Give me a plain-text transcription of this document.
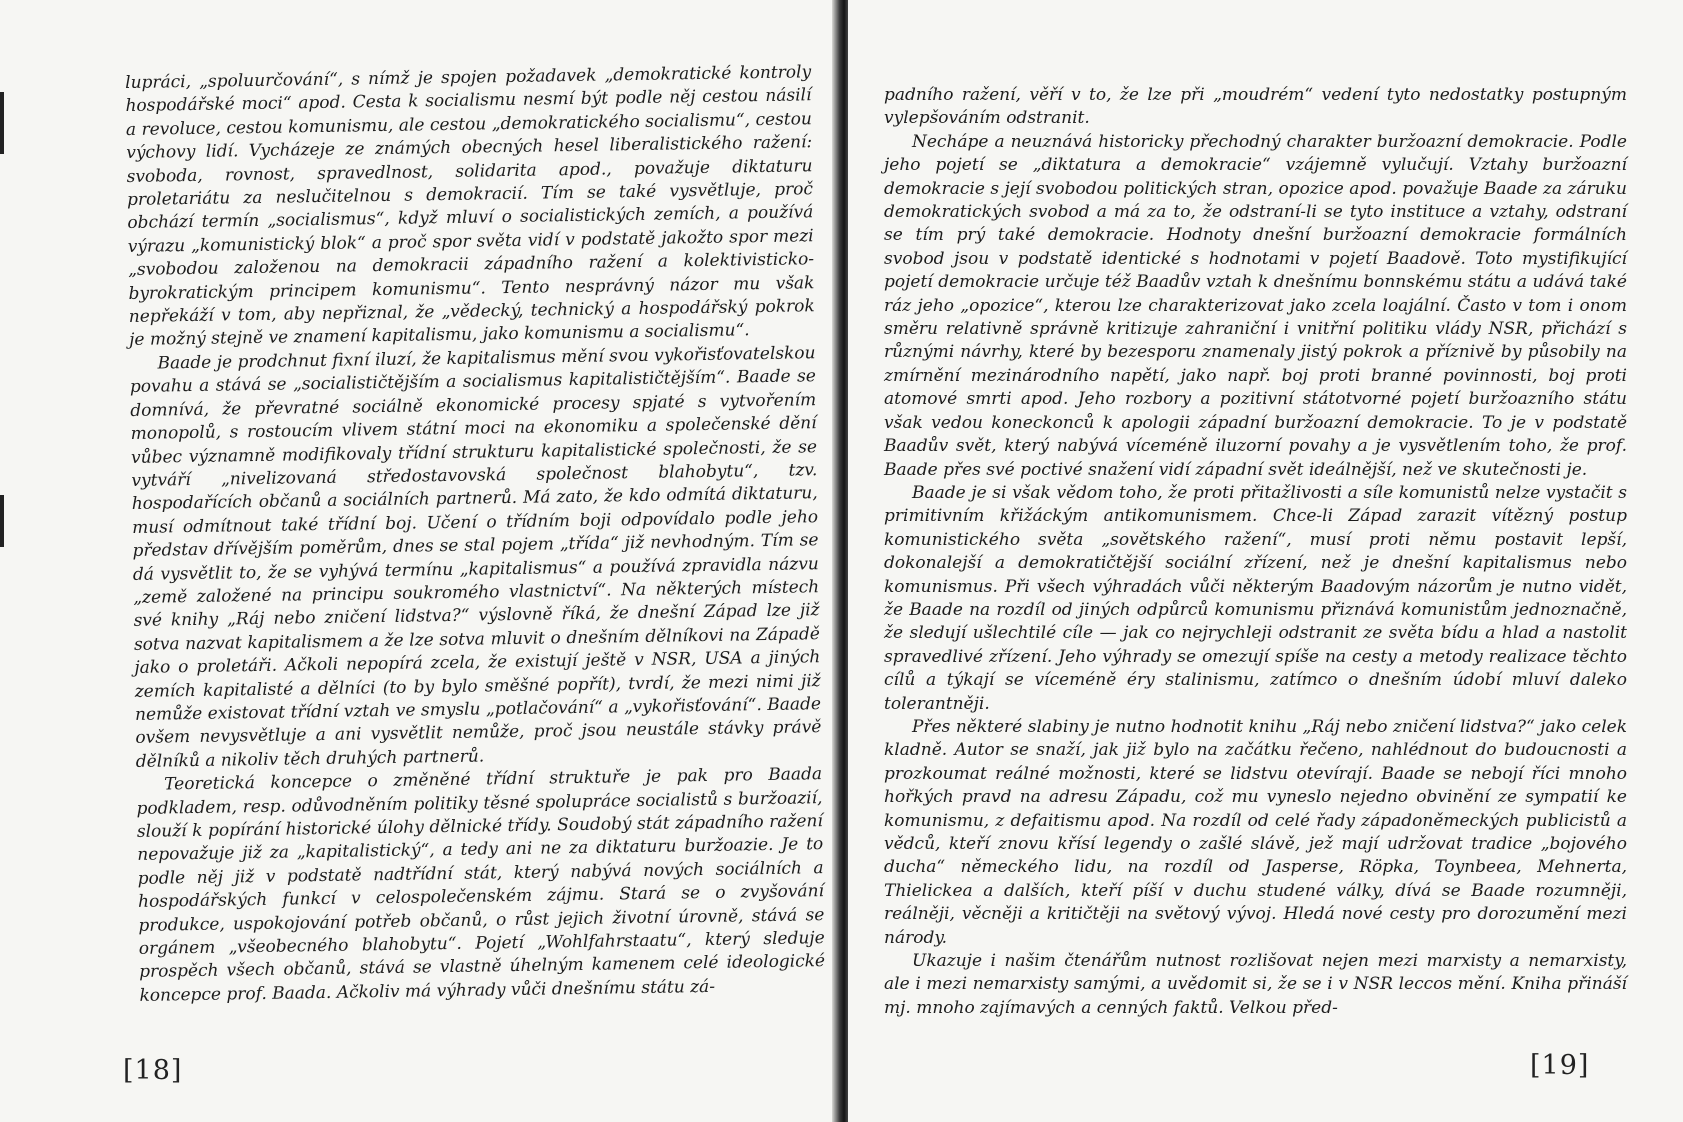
lupráci, „spoluurčování“, s nímž je spojen požadavek „demokratické kontroly hospodářské moci“ apod. Cesta k socialismu nesmí být podle něj cestou násilí a revoluce, cestou komunismu, ale cestou „demokratického socialismu“, cestou výchovy lidí. Vycházeje ze známých obecných hesel liberalistického ražení: svoboda, rovnost, spravedlnost, solidarita apod., považuje diktaturu proletariátu za neslučitelnou s demokracií. Tím se také vysvětluje, proč obchází termín „socialismus“, když mluví o socialistických zemích, a používá výrazu „komunistický blok“ a proč spor světa vidí v podstatě jakožto spor mezi „svobodou založenou na demokracii západního ražení a kolektivisticko-byrokratickým principem komunismu“. Tento nesprávný názor mu však nepřekáží v tom, aby nepřiznal, že „vědecký, technický a hospodářský pokrok je možný stejně ve znamení kapitalismu, jako komunismu a socialismu“.

Baade je prodchnut fixní iluzí, že kapitalismus mění svou vykořisťovatelskou povahu a stává se „socialističtějším a socialismus kapitalističtějším“. Baade se domnívá, že převratné sociálně ekonomické procesy spjaté s vytvořením monopolů, s rostoucím vlivem státní moci na ekonomiku a společenské dění vůbec významně modifikovaly třídní strukturu kapitalistické společnosti, že se vytváří „nivelizovaná středostavovská společnost blahobytu“, tzv. hospodařících občanů a sociálních partnerů. Má zato, že kdo odmítá diktaturu, musí odmítnout také třídní boj. Učení o třídním boji odpovídalo podle jeho představ dřívějším poměrům, dnes se stal pojem „třída“ již nevhodným. Tím se dá vysvětlit to, že se vyhývá termínu „kapitalismus“ a používá zpravidla názvu „země založené na principu soukromého vlastnictví“. Na některých místech své knihy „Ráj nebo zničení lidstva?“ výslovně říká, že dnešní Západ lze již sotva nazvat kapitalismem a že lze sotva mluvit o dnešním dělníkovi na Západě jako o proletáři. Ačkoli nepopírá zcela, že existují ještě v NSR, USA a jiných zemích kapitalisté a dělníci (to by bylo směšné popřít), tvrdí, že mezi nimi již nemůže existovat třídní vztah ve smyslu „potlačování“ a „vykořisťování“. Baade ovšem nevysvětluje a ani vysvětlit nemůže, proč jsou neustále stávky právě dělníků a nikoliv těch druhých partnerů.

Teoretická koncepce o změněné třídní struktuře je pak pro Baada podkladem, resp. odůvodněním politiky těsné spolupráce socialistů s buržoazií, slouží k popírání historické úlohy dělnické třídy. Soudobý stát západního ražení nepovažuje již za „kapitalistický“, a tedy ani ne za diktaturu buržoazie. Je to podle něj již v podstatě nadtřídní stát, který nabývá nových sociálních a hospodářských funkcí v celospolečenském zájmu. Stará se o zvyšování produkce, uspokojování potřeb občanů, o růst jejich životní úrovně, stává se orgánem „všeobecného blahobytu“. Pojetí „Wohlfahrstaatu“, který sleduje prospěch všech občanů, stává se vlastně úhelným kamenem celé ideologické koncepce prof. Baada. Ačkoliv má výhrady vůči dnešnímu státu zá-

[18]

padního ražení, věří v to, že lze při „moudrém“ vedení tyto nedostatky postupným vylepšováním odstranit.

Nechápe a neuznává historicky přechodný charakter buržoazní demokracie. Podle jeho pojetí se „diktatura a demokracie“ vzájemně vylučují. Vztahy buržoazní demokracie s její svobodou politických stran, opozice apod. považuje Baade za záruku demokratických svobod a má za to, že odstraní-li se tyto instituce a vztahy, odstraní se tím prý také demokracie. Hodnoty dnešní buržoazní demokracie formálních svobod jsou v podstatě identické s hodnotami v pojetí Baadově. Toto mystifikující pojetí demokracie určuje též Baadův vztah k dnešnímu bonnskému státu a udává také ráz jeho „opozice“, kterou lze charakterizovat jako zcela loajální. Často v tom i onom směru relativně správně kritizuje zahraniční i vnitřní politiku vlády NSR, přichází s různými návrhy, které by bezesporu znamenaly jistý pokrok a příznivě by působily na zmírnění mezinárodního napětí, jako např. boj proti branné povinnosti, boj proti atomové smrti apod. Jeho rozbory a pozitivní státotvorné pojetí buržoazního státu však vedou koneckonců k apologii západní buržoazní demokracie. To je v podstatě Baadův svět, který nabývá víceméně iluzorní povahy a je vysvětlením toho, že prof. Baade přes své poctivé snažení vidí západní svět ideálnější, než ve skutečnosti je.

Baade je si však vědom toho, že proti přitažlivosti a síle komunistů nelze vystačit s primitivním křižáckým antikomunismem. Chce-li Západ zarazit vítězný postup komunistického světa „sovětského ražení“, musí proti němu postavit lepší, dokonalejší a demokratičtější sociální zřízení, než je dnešní kapitalismus nebo komunismus. Při všech výhradách vůči některým Baadovým názorům je nutno vidět, že Baade na rozdíl od jiných odpůrců komunismu přiznává komunistům jednoznačně, že sledují ušlechtilé cíle — jak co nejrychleji odstranit ze světa bídu a hlad a nastolit spravedlivé zřízení. Jeho výhrady se omezují spíše na cesty a metody realizace těchto cílů a týkají se víceméně éry stalinismu, zatímco o dnešním údobí mluví daleko tolerantněji.

Přes některé slabiny je nutno hodnotit knihu „Ráj nebo zničení lidstva?“ jako celek kladně. Autor se snaží, jak již bylo na začátku řečeno, nahlédnout do budoucnosti a prozkoumat reálné možnosti, které se lidstvu otevírají. Baade se nebojí říci mnoho hořkých pravd na adresu Západu, což mu vyneslo nejedno obvinění ze sympatií ke komunismu, z defaitismu apod. Na rozdíl od celé řady západoněmeckých publicistů a vědců, kteří znovu křísí legendy o zašlé slávě, jež mají udržovat tradice „bojového ducha“ německého lidu, na rozdíl od Jasperse, Röpka, Toynbeea, Mehnerta, Thielickea a dalších, kteří píší v duchu studené války, dívá se Baade rozumněji, reálněji, věcněji a kritičtěji na světový vývoj. Hledá nové cesty pro dorozumění mezi národy.

Ukazuje i našim čtenářům nutnost rozlišovat nejen mezi marxisty a nemarxisty, ale i mezi nemarxisty samými, a uvědomit si, že se i v NSR leccos mění. Kniha přináší mj. mnoho zajímavých a cenných faktů. Velkou před-

[19]
